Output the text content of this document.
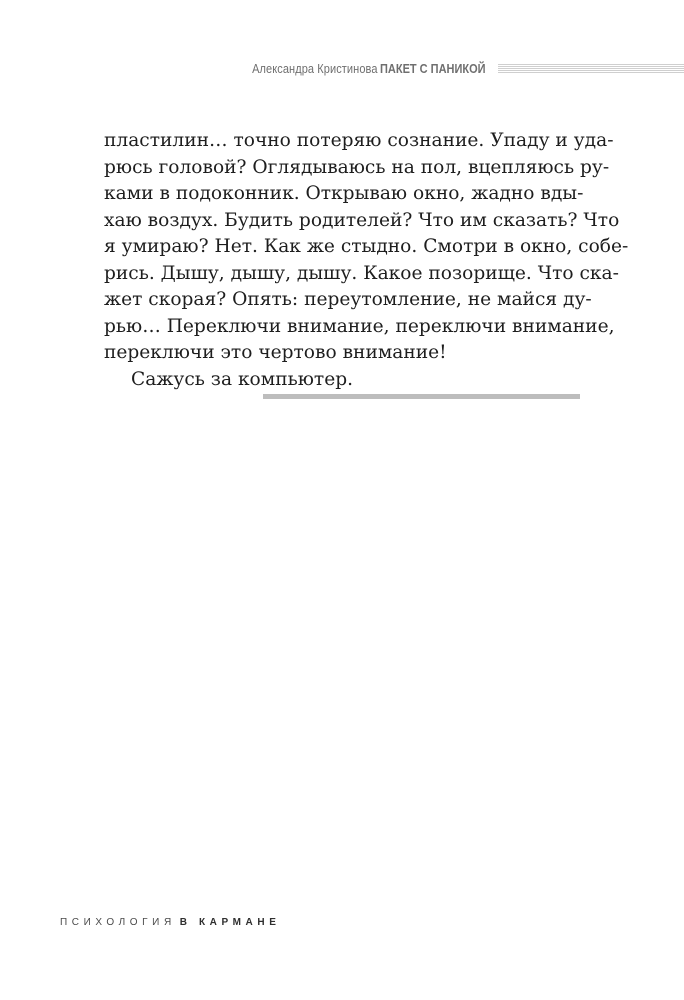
Александра Кристинова ПАКЕТ С ПАНИКОЙ
пластилин… точно потеряю сознание. Упаду и уда-
рюсь головой? Оглядываюсь на пол, вцепляюсь ру-
ками в подоконник. Открываю окно, жадно вды-
хаю воздух. Будить родителей? Что им сказать? Что
я умираю? Нет. Как же стыдно. Смотри в окно, собе-
рись. Дышу, дышу, дышу. Какое позорище. Что ска-
жет скорая? Опять: переутомление, не майся ду-
рью… Переключи внимание, переключи внимание,
переключи это чертово внимание!
Сажусь за компьютер.
ПСИХОЛОГИЯ В КАРМАНЕ
